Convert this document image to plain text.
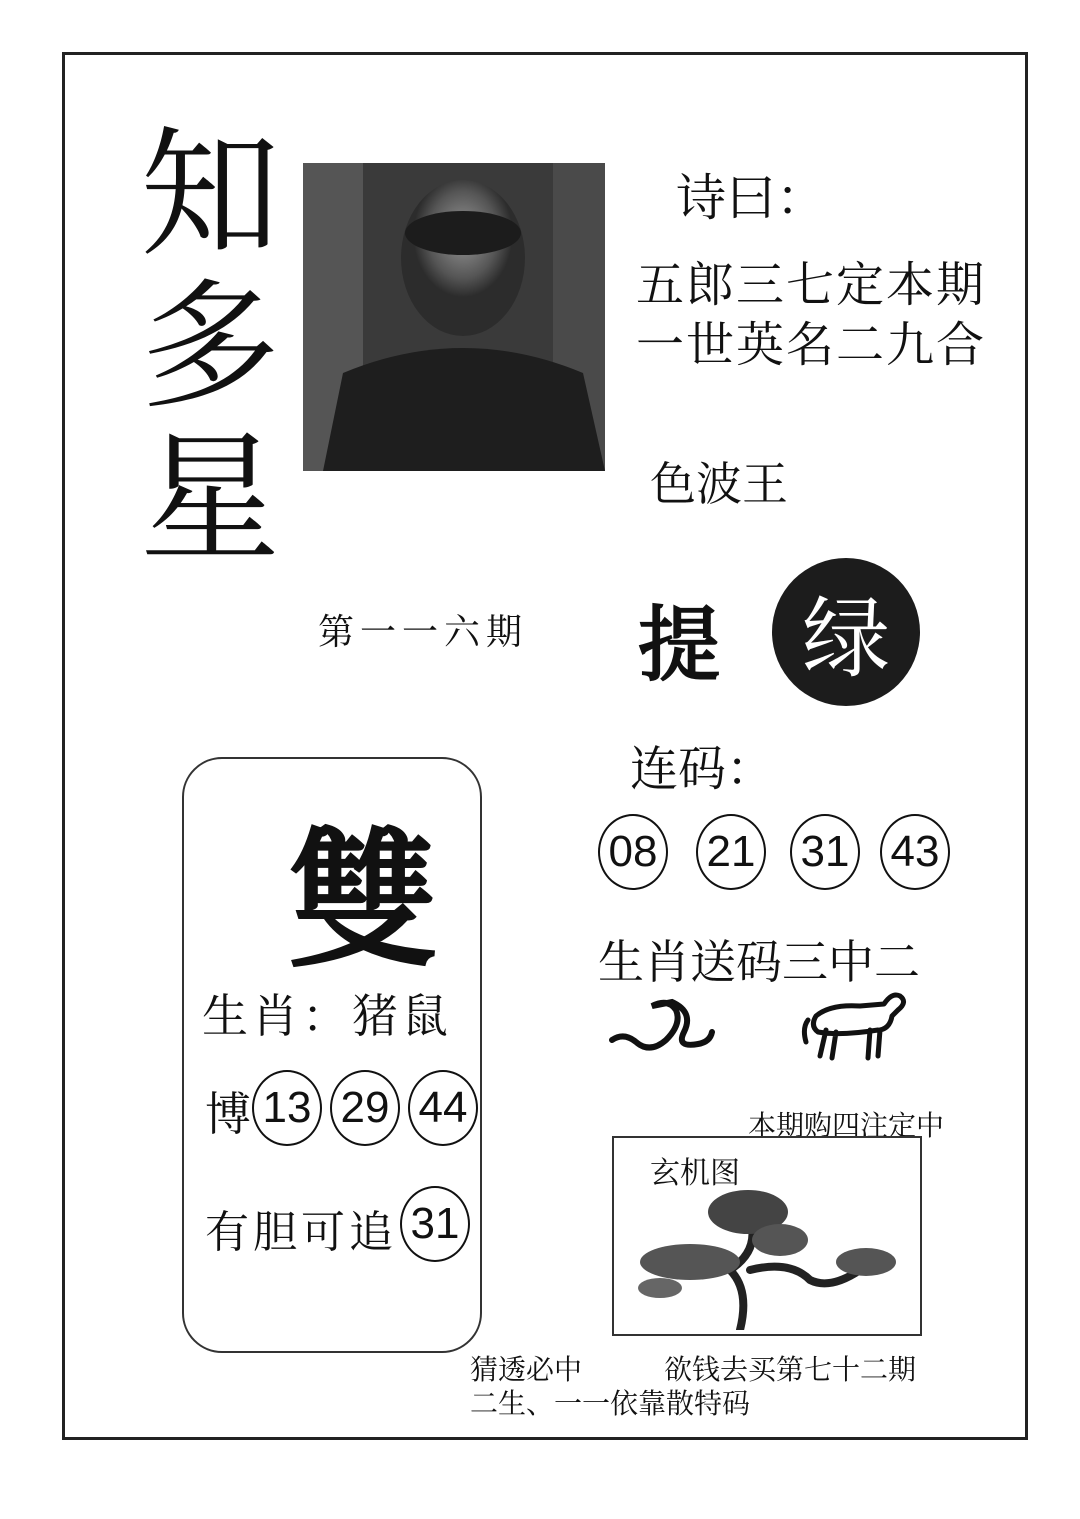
知
多
星
诗曰：
五郎三七定本期
一世英名二九合
色波王
第一一六期 提 绿
连码：
08 21 31 43
生肖送码三中二
雙
生肖：猪鼠
博 13 29 44
有胆可追 31
本期购四注定中
玄机图
猜透必中	欲钱去买第七十二期
二生、一一依靠散特码
